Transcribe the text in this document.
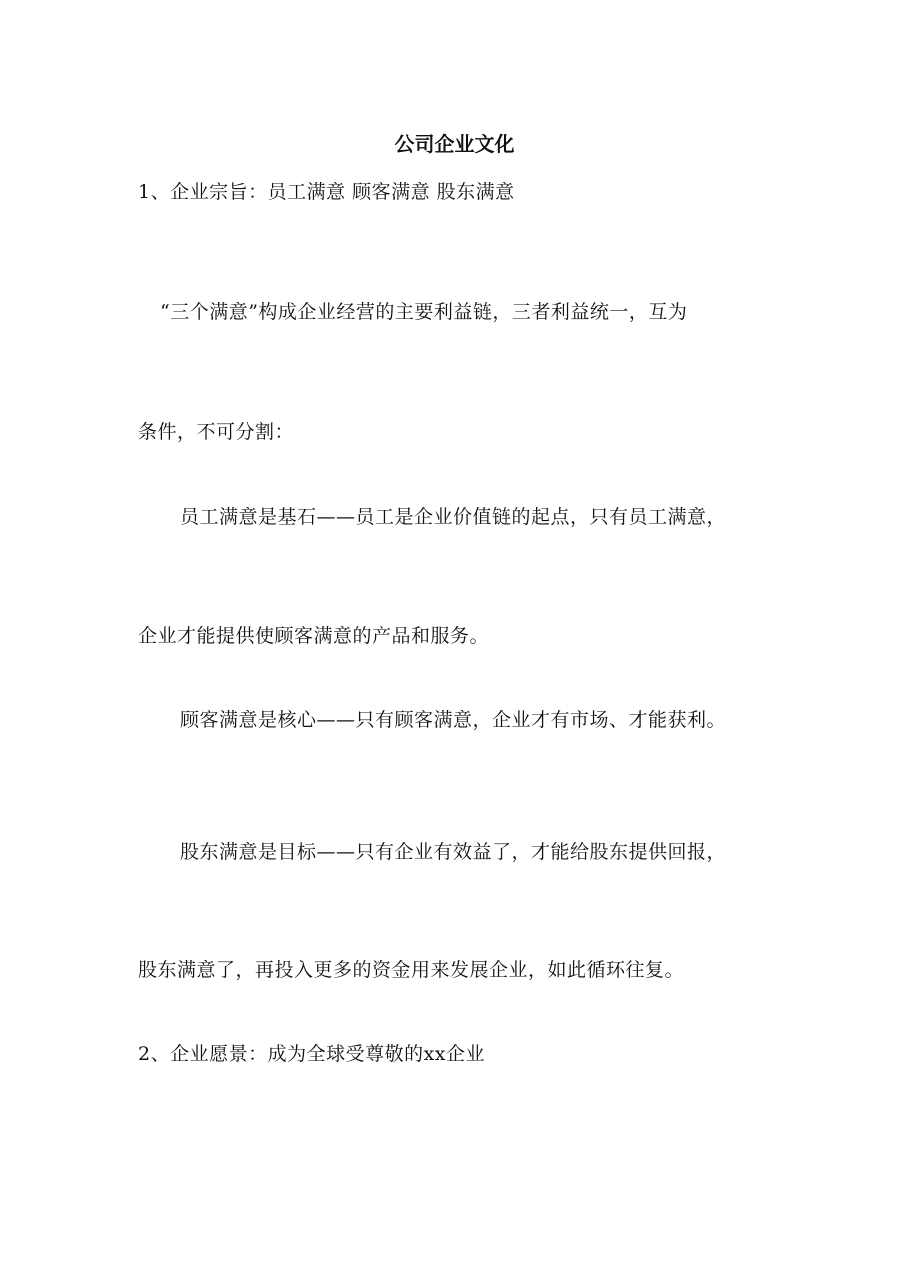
公司企业文化
1、企业宗旨：员工满意 顾客满意 股东满意
“三个满意”构成企业经营的主要利益链，三者利益统一，互为
条件，不可分割：
员工满意是基石——员工是企业价值链的起点，只有员工满意，
企业才能提供使顾客满意的产品和服务。
顾客满意是核心——只有顾客满意，企业才有市场、才能获利。
股东满意是目标——只有企业有效益了，才能给股东提供回报，
股东满意了，再投入更多的资金用来发展企业，如此循环往复。
2、企业愿景：成为全球受尊敬的xx企业
